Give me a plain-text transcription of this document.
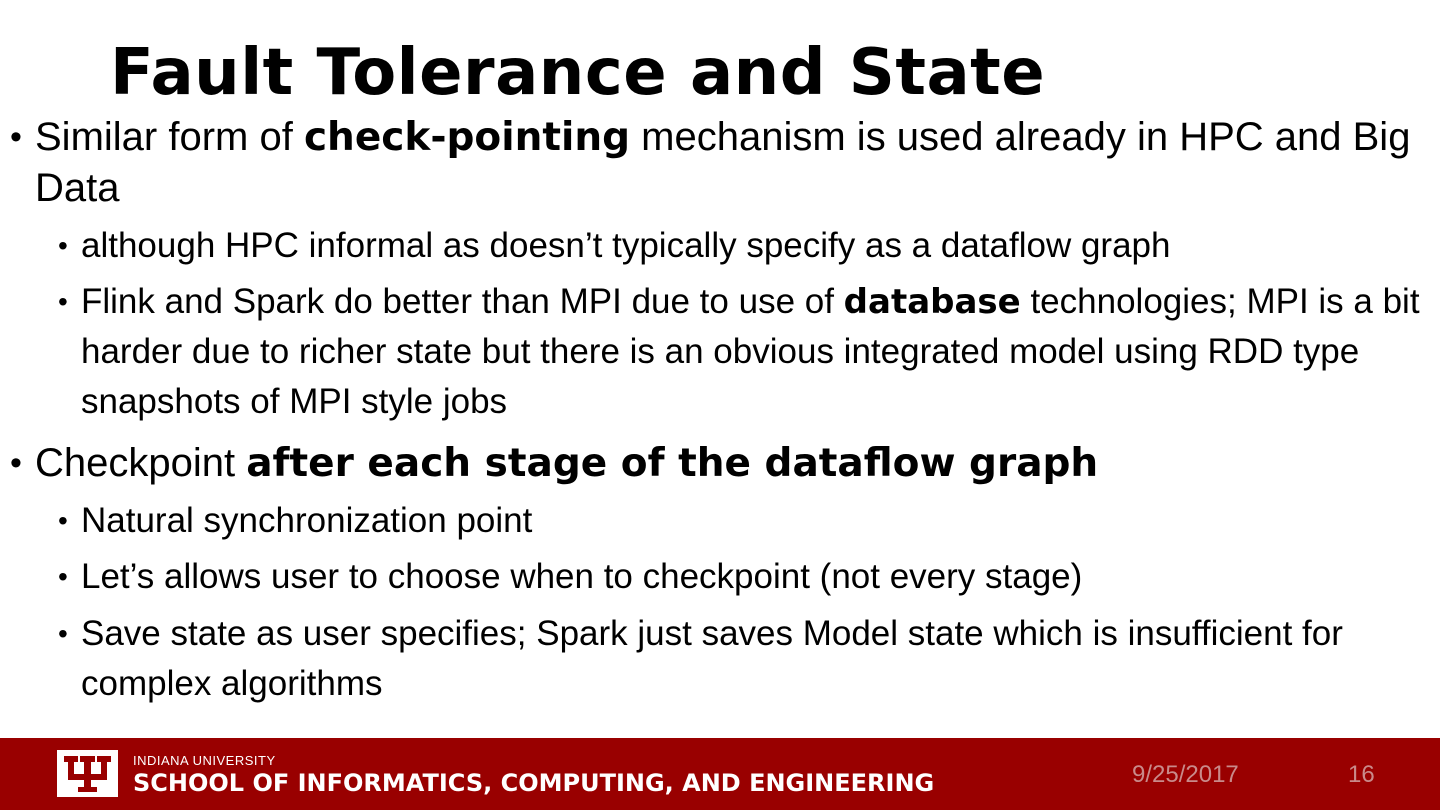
Fault Tolerance and State
• Similar form of check-pointing mechanism is used already in HPC and Big Data
• although HPC informal as doesn’t typically specify as a dataflow graph
• Flink and Spark do better than MPI due to use of database technologies; MPI is a bit harder due to richer state but there is an obvious integrated model using RDD type snapshots of MPI style jobs
• Checkpoint after each stage of the dataflow graph
• Natural synchronization point
• Let’s allows user to choose when to checkpoint (not every stage)
• Save state as user specifies; Spark just saves Model state which is insufficient for complex algorithms
INDIANA UNIVERSITY
SCHOOL OF INFORMATICS, COMPUTING, AND ENGINEERING	9/25/2017	16
